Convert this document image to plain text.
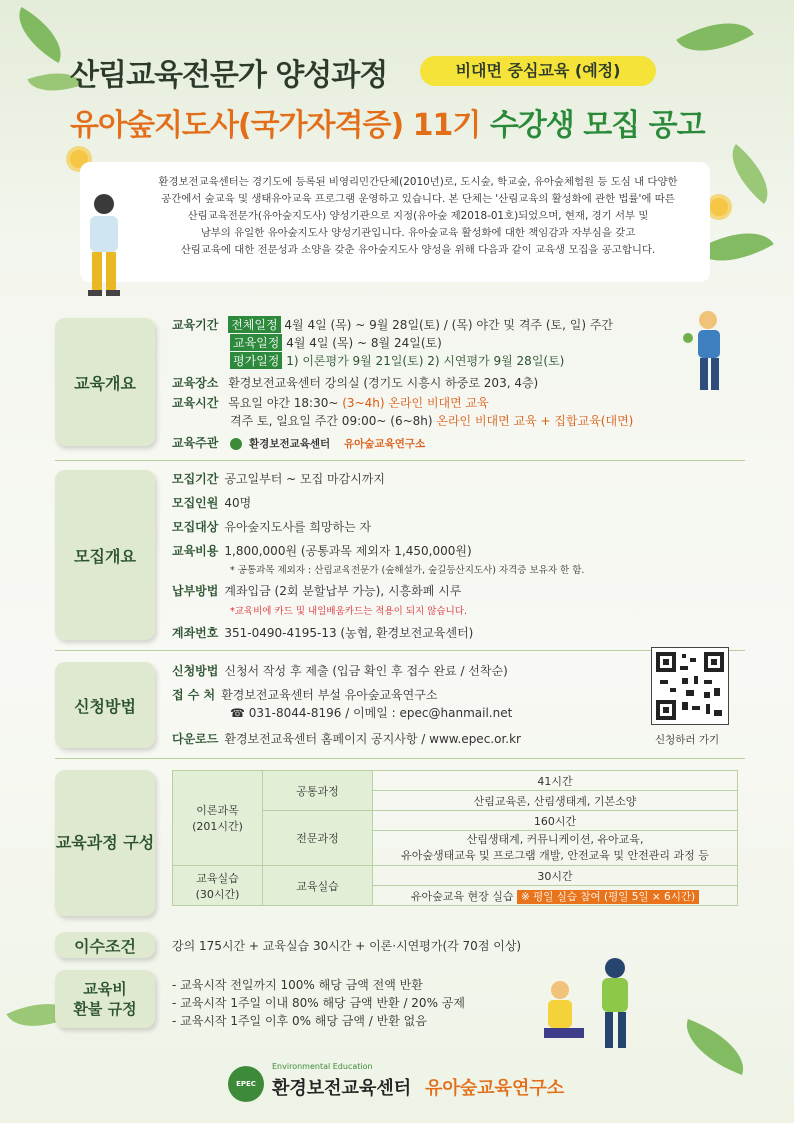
산림교육전문가 양성과정	비대면 중심교육 (예정)
유아숲지도사(국가자격증) 11기 수강생 모집 공고
환경보전교육센터는 경기도에 등록된 비영리민간단체(2010년)로, 도시숲, 학교숲, 유아숲체험원 등 도심 내 다양한
공간에서 숲교육 및 생태유아교육 프로그램 운영하고 있습니다. 본 단체는 '산림교육의 활성화에 관한 법률'에 따른
산림교육전문가(유아숲지도사) 양성기관으로 지정(유아숲 제2018-01호)되었으며, 현재, 경기 서부 및
남부의 유일한 유아숲지도사 양성기관입니다. 유아숲교육 활성화에 대한 책임감과 자부심을 갖고
산림교육에 대한 전문성과 소양을 갖춘 유아숲지도사 양성을 위해 다음과 같이 교육생 모집을 공고합니다.
교육개요
교육기간 전체일정 4월 4일 (목) ~ 9월 28일(토) / (목) 야간 및 격주 (토, 일) 주간
교육일정 4월 4일 (목) ~ 8월 24일(토)
평가일정 1) 이론평가 9월 21일(토) 2) 시연평가 9월 28일(토)
교육장소 환경보전교육센터 강의실 (경기도 시흥시 하중로 203, 4층)
교육시간 목요일 야간 18:30~ (3~4h) 온라인 비대면 교육
격주 토, 일요일 주간 09:00~ (6~8h) 온라인 비대면 교육 + 집합교육(대면)
교육주관	환경보전교육센터 유아숲교육연구소
모집개요
모집기간 공고일부터 ~ 모집 마감시까지
모집인원 40명
모집대상 유아숲지도사를 희망하는 자
교육비용 1,800,000원 (공통과목 제외자 1,450,000원)
* 공통과목 제외자 : 산림교육전문가 (숲해설가, 숲길등산지도사) 자격증 보유자 한 함.
납부방법 계좌입금 (2회 분할납부 가능), 시흥화폐 시루
*교육비에 카드 및 내일배움카드는 적용이 되지 않습니다.
계좌번호 351-0490-4195-13 (농협, 환경보전교육센터)
신청방법
신청방법 신청서 작성 후 제출 (입금 확인 후 접수 완료 / 선착순)
접 수 처 환경보전교육센터 부설 유아숲교육연구소
☎ 031-8044-8196 / 이메일 : epec@hanmail.net
다운로드 환경보전교육센터 홈페이지 공지사항 / www.epec.or.kr	신청하러 가기
교육과정 구성
이론과목
(201시간)	공통과정	41시간
		산림교육론, 산림생태계, 기본소양
	전문과정	160시간

		산림생태계, 커뮤니케이션, 유아교육,
유아숲생태교육 및 프로그램 개발, 안전교육 및 안전관리 과정 등

교육실습
(30시간)	교육실습	30시간
		유아숲교육 현장 실습 ※ 평일 실습 참여 (평일 5일 × 6시간)
이수조건	강의 175시간 + 교육실습 30시간 + 이론·시연평가(각 70점 이상)
교육비
환불 규정
- 교육시작 전일까지 100% 해당 금액 전액 반환
- 교육시작 1주일 이내 80% 해당 금액 반환 / 20% 공제
- 교육시작 1주일 이후 0% 해당 금액 / 반환 없음
EPEC
Environmental Education
환경보전교육센터 유아숲교육연구소
